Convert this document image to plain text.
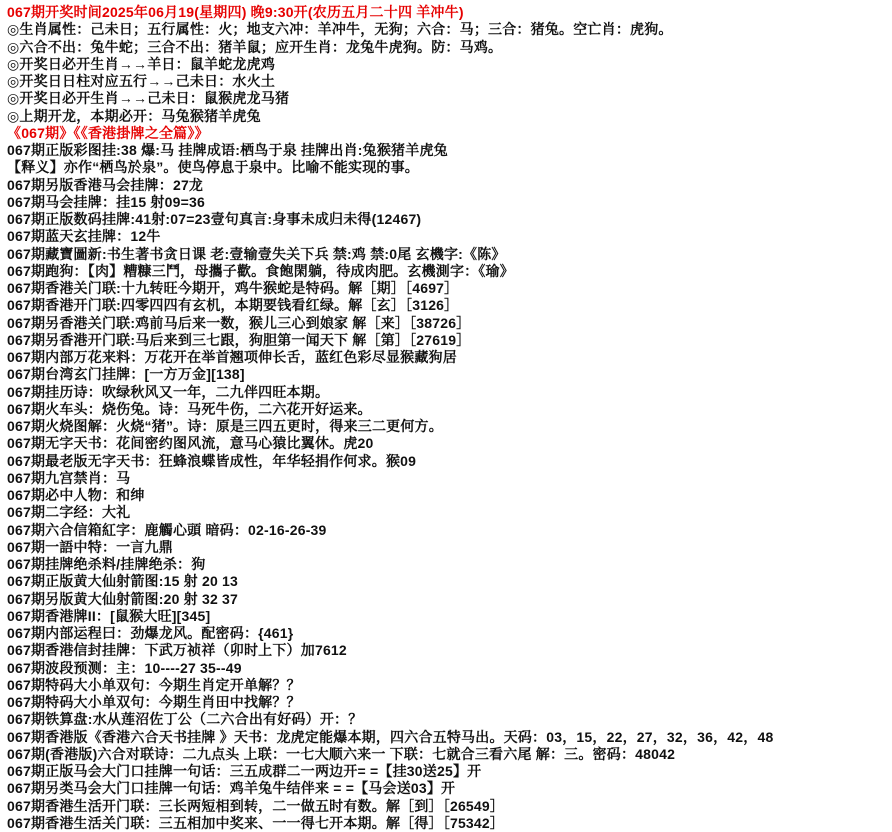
067期开奖时间2025年06月19(星期四) 晚9:30开(农历五月二十四 羊冲牛)
◎生肖属性：己未日；五行属性：火；地支六冲：羊冲牛，无狗；六合：马；三合：猪兔。空亡肖：虎狗。
◎六合不出：兔牛蛇；三合不出：猪羊鼠；应开生肖：龙兔牛虎狗。防：马鸡。
◎开奖日必开生肖→→羊日：鼠羊蛇龙虎鸡
◎开奖日日柱对应五行→→己未日：水火土
◎开奖日必开生肖→→己未日：鼠猴虎龙马猪
◎上期开龙，本期必开：马兔猴猪羊虎兔
《067期》《《香港掛牌之全篇》》
067期正版彩图挂:38 爆:马 挂牌成语:栖鸟于泉 挂牌出肖:兔猴猪羊虎兔
【释义】亦作“栖鸟於泉”。使鸟停息于泉中。比喻不能实现的事。
067期另版香港马会挂牌：27龙
067期马会挂牌：挂15 射09=36
067期正版数码挂牌:41射:07=23壹句真言:身事未成归未得(12467)
067期蓝天玄挂牌：12牛
067期藏寶圖新:书生著书贪日课 老:壹输壹失关下兵 禁:鸡 禁:0尾 玄機字:《陈》
067期跑狗：【肉】糟糠三鬥，母攜子歡。食飽閑躺，待成肉肥。玄機測字：《瑜》
067期香港关门联:十九转旺今期开，鸡牛猴蛇是特码。解［期］［4697］
067期香港开门联:四零四四有玄机，本期要钱看红绿。解［玄］［3126］
067期另香港关门联:鸡前马后来一数，猴儿三心到娘家 解［来］［38726］
067期另香港开门联:马后来到三七跟，狗胆第一闻天下 解［第］［27619］
067期内部万花来料：万花开在举首翘项伸长舌，蓝红色彩尽显猴藏狗居
067期台湾玄门挂牌：[一方万金][138]
067期挂历诗：吹绿秋风又一年，二九伴四旺本期。
067期火车头：烧伤兔。诗：马死牛伤，二六花开好运来。
067期火烧图解：火烧“猪”。诗：原是三四五更时，得来三二更何方。
067期无字天书：花间密约图风流，意马心猿比翼休。虎20
067期最老版无字天书：狂蜂浪蝶皆成性，年华轻捐作何求。猴09
067期九宫禁肖：马
067期必中人物：和绅
067期二字经：大礼
067期六合信箱紅字：鹿觸心頭 暗码：02-16-26-39
067期一語中特：一言九鼎
067期挂牌绝杀料/挂牌绝杀：狗
067期正版黄大仙射箭图:15 射 20 13
067期另版黄大仙射箭图:20 射 32 37
067期香港牌II：[鼠猴大旺][345]
067期内部运程曰：劲爆龙风。配密码：{461}
067期香港信封挂牌：下武万祯祥（卯时上下）加7612
067期波段预测：主：10----27 35--49
067期特码大小单双句：今期生肖定开单解？？
067期特码大小单双句：今期生肖田中找解？？
067期铁算盘:水从莲沼佐丁公（二六合出有好码）开：？
067期香港版《香港六合天书挂牌 》天书：龙虎定能爆本期，四六合五特马出。天码：03，15，22，27，32，36，42，48
067期(香港版)六合对联诗：二九点头 上联：一七大顺六来一 下联：七就合三看六尾 解：三。密码：48042
067期正版马会大门口挂牌一句话：三五成群二一两边开= =【挂30送25】开
067期另类马会大门口挂牌一句话：鸡羊兔牛结伴来 = =【马会送03】开
067期香港生活开门联：三长两短相到转，二一做五时有数。解［到］［26549］
067期香港生活关门联：三五相加中奖来、一一得七开本期。解［得］［75342］
